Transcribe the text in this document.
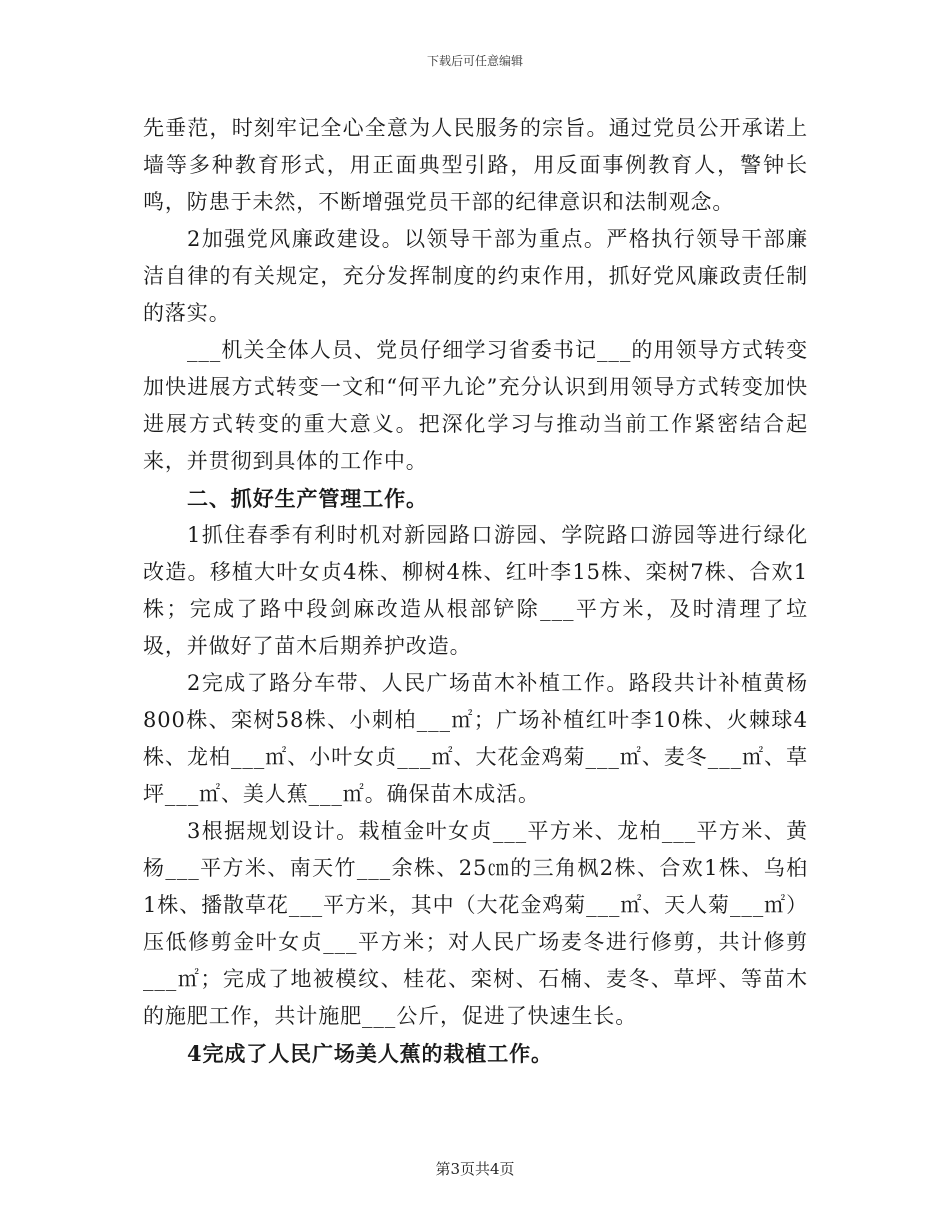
下载后可任意编辑

先垂范，时刻牢记全心全意为人民服务的宗旨。通过党员公开承诺上墙等多种教育形式，用正面典型引路，用反面事例教育人，警钟长鸣，防患于未然，不断增强党员干部的纪律意识和法制观念。

2加强党风廉政建设。以领导干部为重点。严格执行领导干部廉洁自律的有关规定，充分发挥制度的约束作用，抓好党风廉政责任制的落实。

___机关全体人员、党员仔细学习省委书记___的用领导方式转变加快进展方式转变一文和“何平九论”充分认识到用领导方式转变加快进展方式转变的重大意义。把深化学习与推动当前工作紧密结合起来，并贯彻到具体的工作中。

二、抓好生产管理工作。

1抓住春季有利时机对新园路口游园、学院路口游园等进行绿化改造。移植大叶女贞4株、柳树4株、红叶李15株、栾树7株、合欢1株；完成了路中段剑麻改造从根部铲除___平方米，及时清理了垃圾，并做好了苗木后期养护改造。

2完成了路分车带、人民广场苗木补植工作。路段共计补植黄杨800株、栾树58株、小刺柏___㎡；广场补植红叶李10株、火棘球4株、龙柏___㎡、小叶女贞___㎡、大花金鸡菊___㎡、麦冬___㎡、草坪___㎡、美人蕉___㎡。确保苗木成活。

3根据规划设计。栽植金叶女贞___平方米、龙柏___平方米、黄杨___平方米、南天竹___余株、25㎝的三角枫2株、合欢1株、乌桕1株、播散草花___平方米，其中（大花金鸡菊___㎡、天人菊___㎡）压低修剪金叶女贞___平方米；对人民广场麦冬进行修剪，共计修剪___㎡；完成了地被模纹、桂花、栾树、石楠、麦冬、草坪、等苗木的施肥工作，共计施肥___公斤，促进了快速生长。

4完成了人民广场美人蕉的栽植工作。

第3页共4页
